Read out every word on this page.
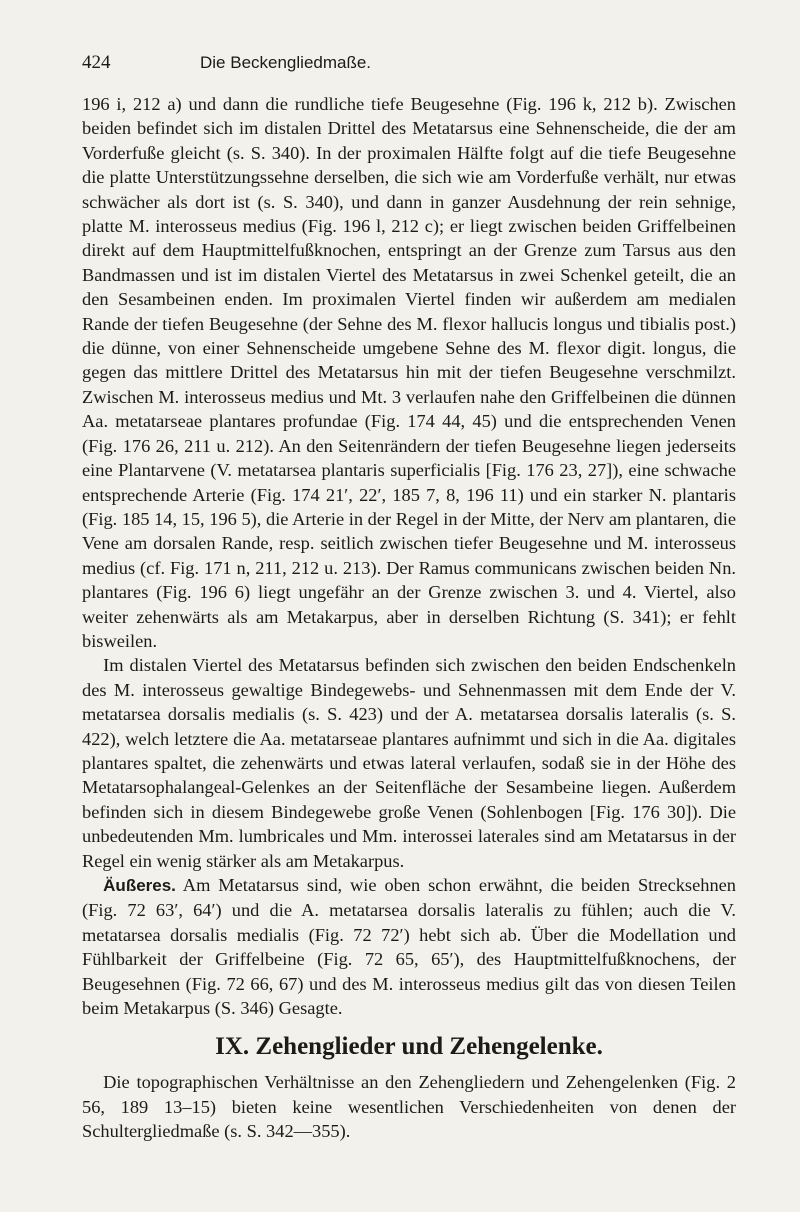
424	Die Beckengliedmaße.

196 i, 212 a) und dann die rundliche tiefe Beugesehne (Fig. 196 k, 212 b). Zwischen beiden befindet sich im distalen Drittel des Metatarsus eine Sehnenscheide, die der am Vorderfuße gleicht (s. S. 340). In der proximalen Hälfte folgt auf die tiefe Beugesehne die platte Unterstützungssehne derselben, die sich wie am Vorderfuße verhält, nur etwas schwächer als dort ist (s. S. 340), und dann in ganzer Ausdehnung der rein sehnige, platte M. interosseus medius (Fig. 196 l, 212 c); er liegt zwischen beiden Griffelbeinen direkt auf dem Hauptmittelfußknochen, entspringt an der Grenze zum Tarsus aus den Bandmassen und ist im distalen Viertel des Metatarsus in zwei Schenkel geteilt, die an den Sesambeinen enden. Im proximalen Viertel finden wir außerdem am medialen Rande der tiefen Beugesehne (der Sehne des M. flexor hallucis longus und tibialis post.) die dünne, von einer Sehnenscheide umgebene Sehne des M. flexor digit. longus, die gegen das mittlere Drittel des Metatarsus hin mit der tiefen Beugesehne verschmilzt. Zwischen M. interosseus medius und Mt. 3 verlaufen nahe den Griffelbeinen die dünnen Aa. metatarseae plantares profundae (Fig. 174 44, 45) und die entsprechenden Venen (Fig. 176 26, 211 u. 212). An den Seitenrändern der tiefen Beugesehne liegen jederseits eine Plantarvene (V. metatarsea plantaris superficialis [Fig. 176 23, 27]), eine schwache entsprechende Arterie (Fig. 174 21′, 22′, 185 7, 8, 196 11) und ein starker N. plantaris (Fig. 185 14, 15, 196 5), die Arterie in der Regel in der Mitte, der Nerv am plantaren, die Vene am dorsalen Rande, resp. seitlich zwischen tiefer Beugesehne und M. interosseus medius (cf. Fig. 171 n, 211, 212 u. 213). Der Ramus communicans zwischen beiden Nn. plantares (Fig. 196 6) liegt ungefähr an der Grenze zwischen 3. und 4. Viertel, also weiter zehenwärts als am Metakarpus, aber in derselben Richtung (S. 341); er fehlt bisweilen.

Im distalen Viertel des Metatarsus befinden sich zwischen den beiden Endschenkeln des M. interosseus gewaltige Bindegewebs- und Sehnenmassen mit dem Ende der V. metatarsea dorsalis medialis (s. S. 423) und der A. metatarsea dorsalis lateralis (s. S. 422), welch letztere die Aa. metatarseae plantares aufnimmt und sich in die Aa. digitales plantares spaltet, die zehenwärts und etwas lateral verlaufen, sodaß sie in der Höhe des Metatarsophalangeal-Gelenkes an der Seitenfläche der Sesambeine liegen. Außerdem befinden sich in diesem Bindegewebe große Venen (Sohlenbogen [Fig. 176 30]). Die unbedeutenden Mm. lumbricales und Mm. interossei laterales sind am Metatarsus in der Regel ein wenig stärker als am Metakarpus.

Äußeres. Am Metatarsus sind, wie oben schon erwähnt, die beiden Strecksehnen (Fig. 72 63′, 64′) und die A. metatarsea dorsalis lateralis zu fühlen; auch die V. metatarsea dorsalis medialis (Fig. 72 72′) hebt sich ab. Über die Modellation und Fühlbarkeit der Griffelbeine (Fig. 72 65, 65′), des Hauptmittelfußknochens, der Beugesehnen (Fig. 72 66, 67) und des M. interosseus medius gilt das von diesen Teilen beim Metakarpus (S. 346) Gesagte.

IX. Zehenglieder und Zehengelenke.

Die topographischen Verhältnisse an den Zehengliedern und Zehengelenken (Fig. 2 56, 189 13–15) bieten keine wesentlichen Verschiedenheiten von denen der Schultergliedmaße (s. S. 342—355).
